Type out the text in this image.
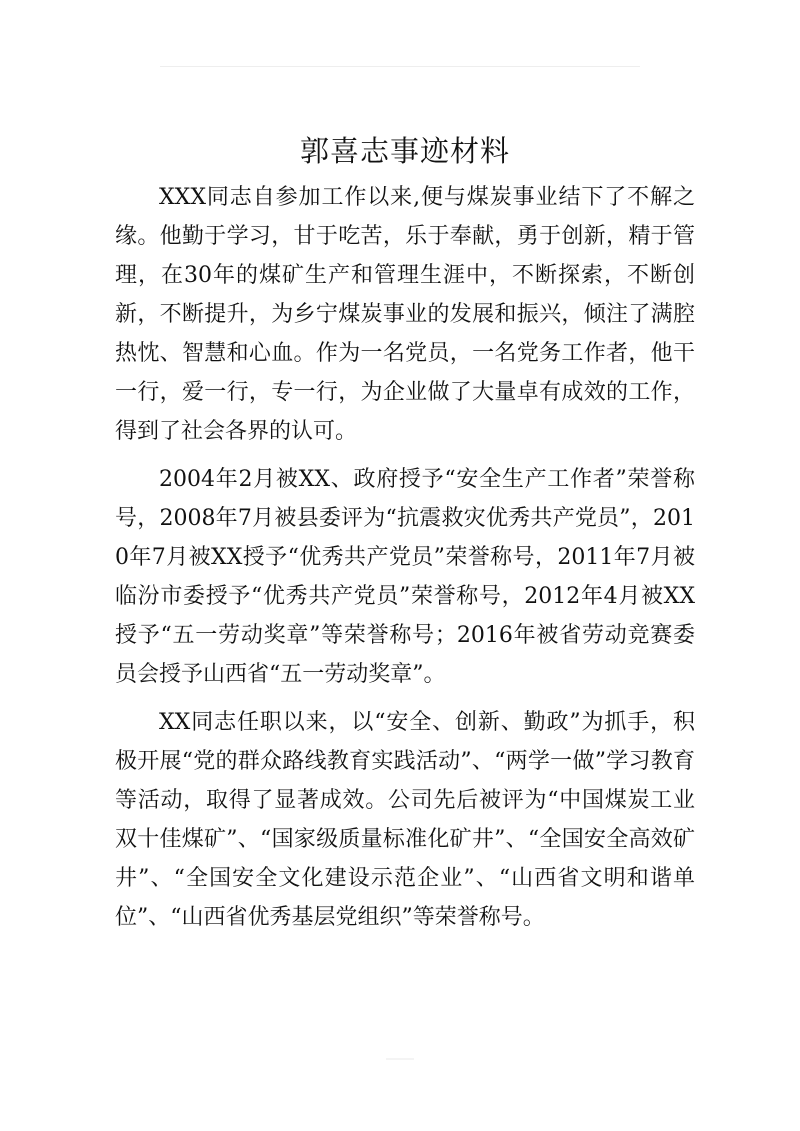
郭喜志事迹材料

XXX同志自参加工作以来,便与煤炭事业结下了不解之缘。他勤于学习，甘于吃苦，乐于奉献，勇于创新，精于管理，在30年的煤矿生产和管理生涯中，不断探索，不断创新，不断提升，为乡宁煤炭事业的发展和振兴，倾注了满腔热忱、智慧和心血。作为一名党员，一名党务工作者，他干一行，爱一行，专一行，为企业做了大量卓有成效的工作，得到了社会各界的认可。

2004年2月被XX、政府授予“安全生产工作者”荣誉称号，2008年7月被县委评为“抗震救灾优秀共产党员”，2010年7月被XX授予“优秀共产党员”荣誉称号，2011年7月被临汾市委授予“优秀共产党员”荣誉称号，2012年4月被XX授予“五一劳动奖章”等荣誉称号；2016年被省劳动竞赛委员会授予山西省“五一劳动奖章”。

XX同志任职以来，以“安全、创新、勤政”为抓手，积极开展“党的群众路线教育实践活动”、“两学一做”学习教育等活动，取得了显著成效。公司先后被评为“中国煤炭工业双十佳煤矿”、“国家级质量标准化矿井”、“全国安全高效矿井”、“全国安全文化建设示范企业”、“山西省文明和谐单位”、“山西省优秀基层党组织”等荣誉称号。
